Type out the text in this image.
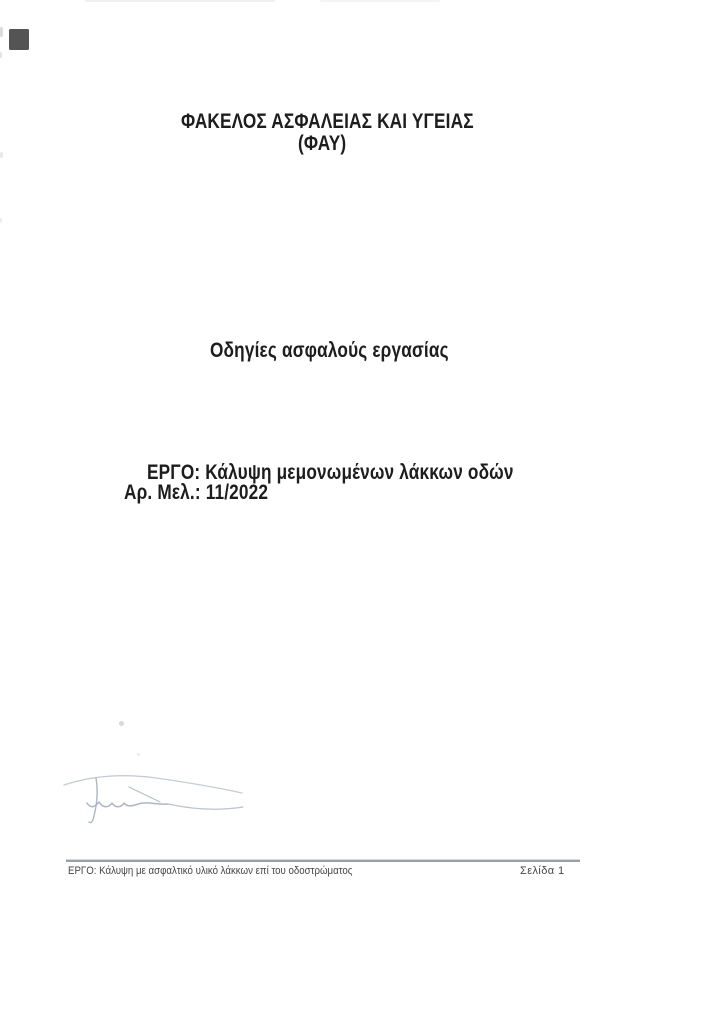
ΦΑΚΕΛΟΣ ΑΣΦΑΛΕΙΑΣ ΚΑΙ ΥΓΕΙΑΣ
(ΦΑΥ)
Οδηγίες ασφαλούς εργασίας
ΕΡΓΟ: Κάλυψη μεμονωμένων λάκκων οδών
Αρ. Μελ.: 11/2022
ΕΡΓΟ: Κάλυψη με ασφαλτικό υλικό λάκκων επί του οδοστρώματος	Σελίδα 1
